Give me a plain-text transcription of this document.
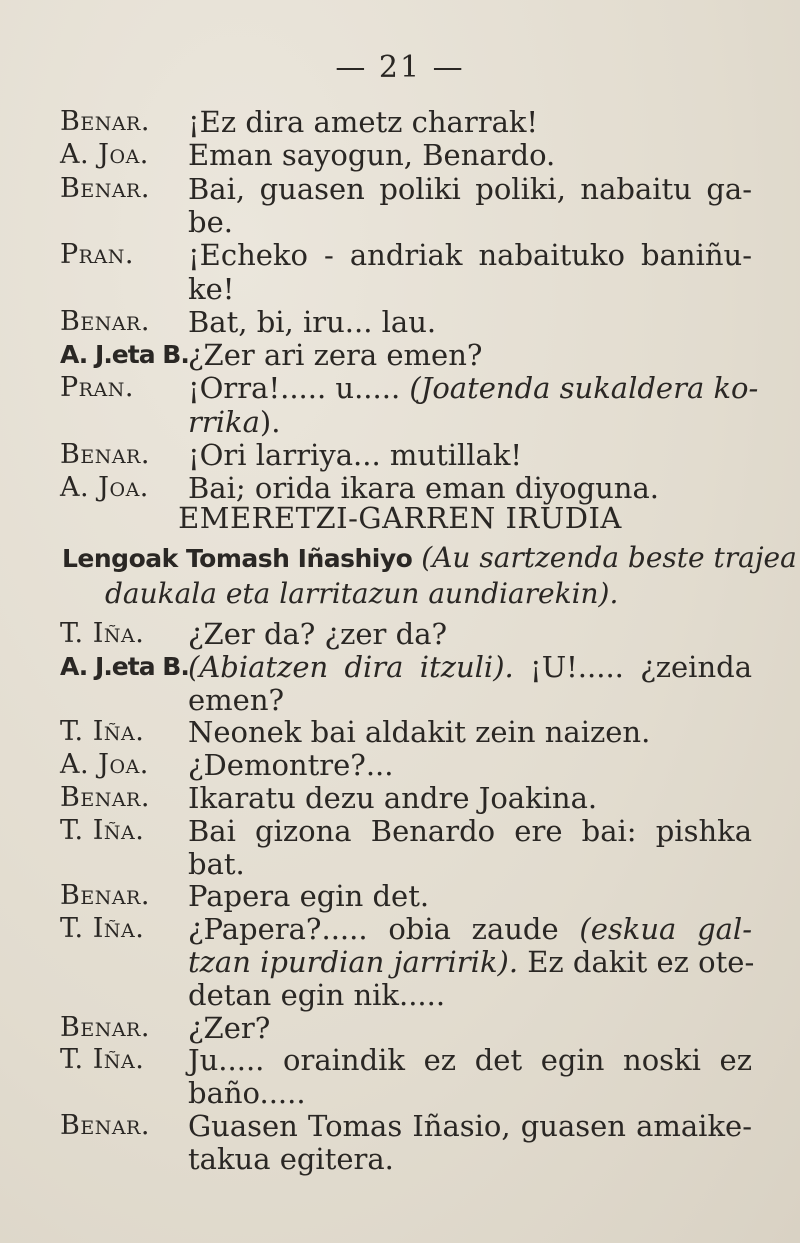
— 21 —
Benar.	¡Ez dira ametz charrak!
A. Joa.	Eman sayogun, Benardo.
Benar.	Bai, guasen poliki poliki, nabaitu ga-
be.
Pran.	¡Echeko - andriak nabaituko baniñu-
ke!
Benar.	Bat, bi, iru... lau.
A. J.eta B. ¿Zer ari zera emen?
Pran.	¡Orra!..... u..... (Joatenda sukaldera ko-
rrika).
Benar.	¡Ori larriya... mutillak!
A. Joa.	Bai; orida ikara eman diyoguna.
EMERETZI-GARREN IRUDIA
Lengoak Tomash Iñashiyo (Au sartzenda beste trajea
daukala eta larritazun aundiarekin).
T. Iña.	¿Zer da? ¿zer da?
A. J.eta B. (Abiatzen dira itzuli). ¡U!..... ¿zeinda
emen?
T. Iña.	Neonek bai aldakit zein naizen.
A. Joa.	¿Demontre?...
Benar.	Ikaratu dezu andre Joakina.
T. Iña.	Bai gizona Benardo ere bai: pishka
bat.
Benar.	Papera egin det.
T. Iña.	¿Papera?..... obia zaude (eskua gal-
tzan ipurdian jarririk). Ez dakit ez ote-
detan egin nik.....
Benar.	¿Zer?
T. Iña.	Ju..... oraindik ez det egin noski ez
baño.....
Benar.	Guasen Tomas Iñasio, guasen amaike-
takua egitera.
